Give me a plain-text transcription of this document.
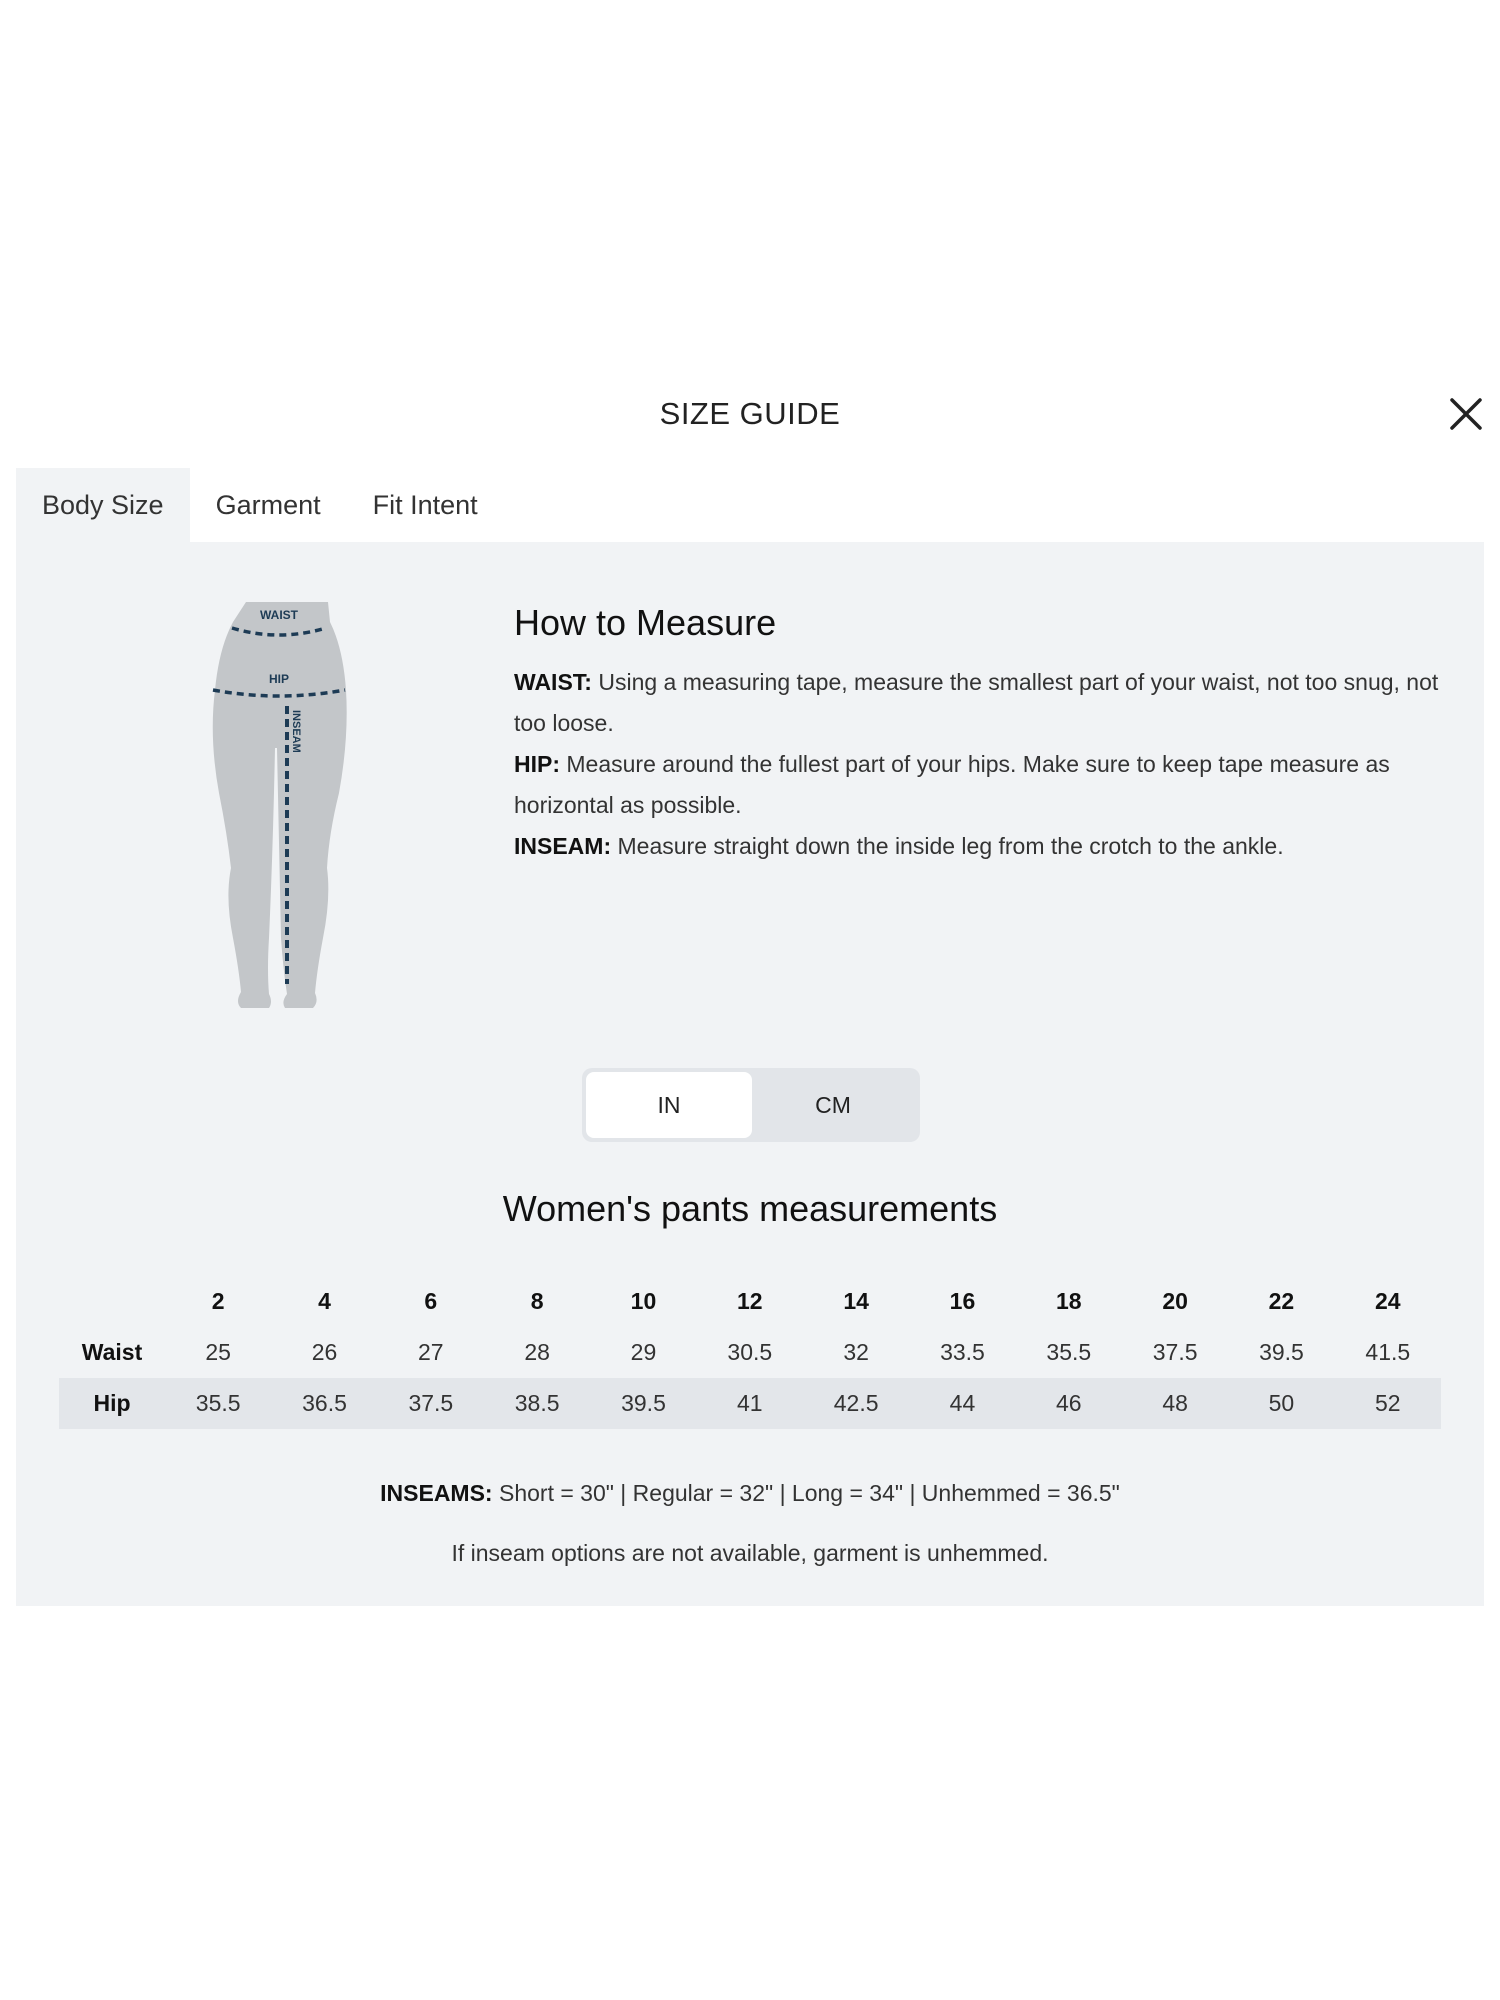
SIZE GUIDE
Body Size	Garment	Fit Intent
WAIST
HIP
INSEAM
How to Measure

WAIST: Using a measuring tape, measure the smallest part of your waist, not too snug, not too loose.

HIP: Measure around the fullest part of your hips. Make sure to keep tape measure as horizontal as possible.

INSEAM: Measure straight down the inside leg from the crotch to the ankle.

IN	CM
Women's pants measurements
	2	4	6	8	10	12	14	16	18	20	22	24
Waist	25	26	27	28	29	30.5	32	33.5	35.5	37.5	39.5	41.5
Hip	35.5	36.5	37.5	38.5	39.5	41	42.5	44	46	48	50	52
INSEAMS: Short = 30" | Regular = 32" | Long = 34" | Unhemmed = 36.5"
If inseam options are not available, garment is unhemmed.
